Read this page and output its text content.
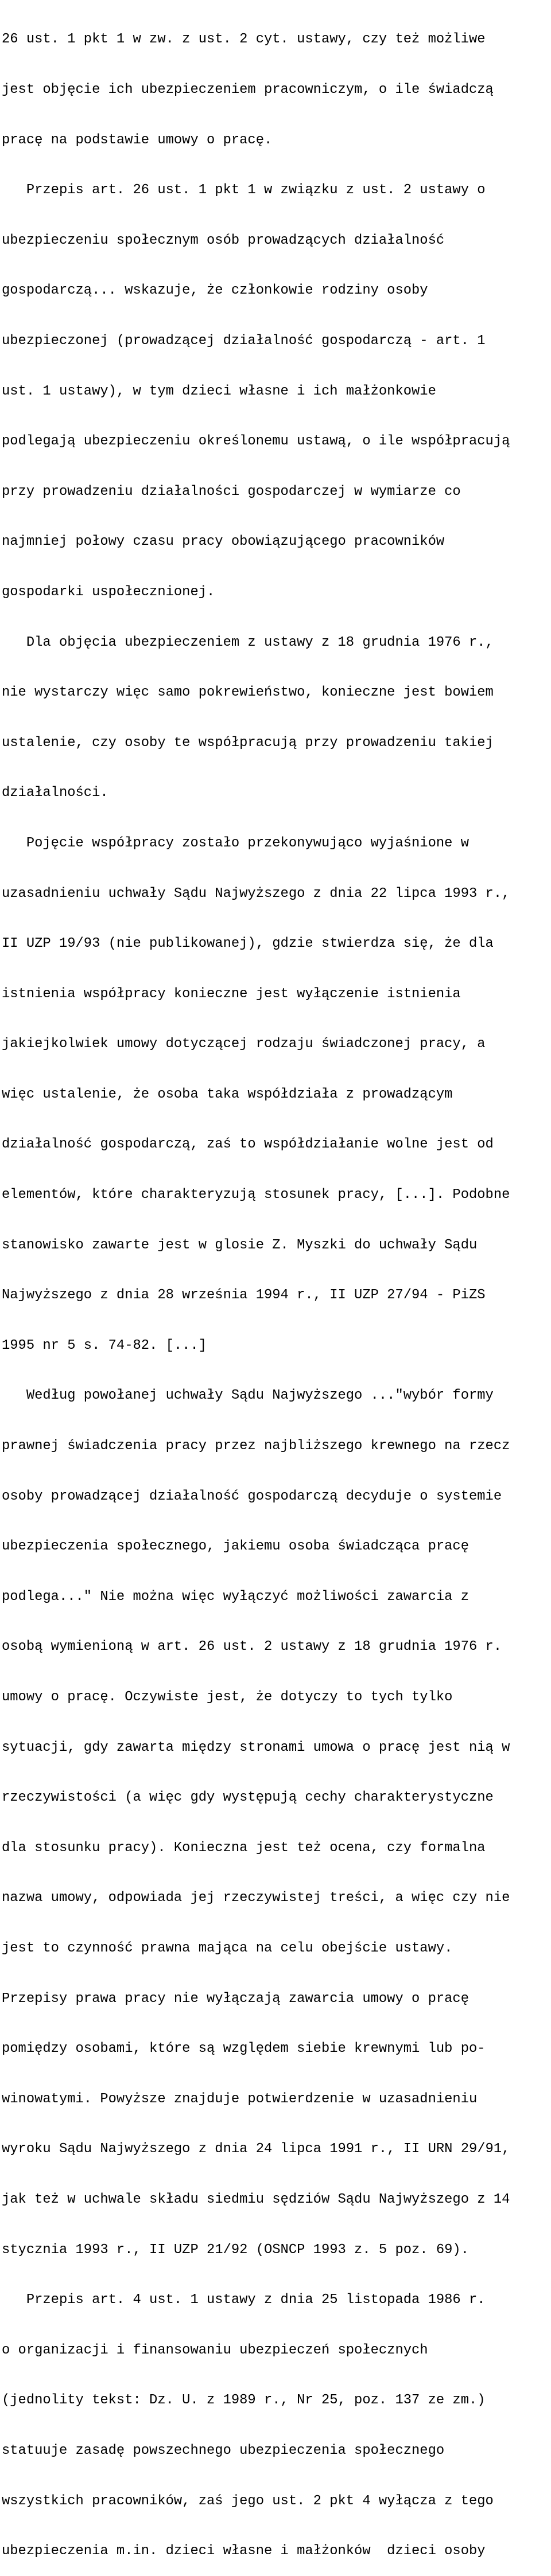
26 ust. 1 pkt 1 w zw. z ust. 2 cyt. ustawy, czy też możliwe

jest objęcie ich ubezpieczeniem pracowniczym, o ile świadczą

pracę na podstawie umowy o pracę.

Przepis art. 26 ust. 1 pkt 1 w związku z ust. 2 ustawy o

ubezpieczeniu społecznym osób prowadzących działalność

gospodarczą... wskazuje, że członkowie rodziny osoby

ubezpieczonej (prowadzącej działalność gospodarczą - art. 1

ust. 1 ustawy), w tym dzieci własne i ich małżonkowie

podlegają ubezpieczeniu określonemu ustawą, o ile współpracują

przy prowadzeniu działalności gospodarczej w wymiarze co

najmniej połowy czasu pracy obowiązującego pracowników

gospodarki uspołecznionej.

Dla objęcia ubezpieczeniem z ustawy z 18 grudnia 1976 r.,

nie wystarczy więc samo pokrewieństwo, konieczne jest bowiem

ustalenie, czy osoby te współpracują przy prowadzeniu takiej

działalności.

Pojęcie współpracy zostało przekonywująco wyjaśnione w

uzasadnieniu uchwały Sądu Najwyższego z dnia 22 lipca 1993 r.,

II UZP 19/93 (nie publikowanej), gdzie stwierdza się, że dla

istnienia współpracy konieczne jest wyłączenie istnienia

jakiejkolwiek umowy dotyczącej rodzaju świadczonej pracy, a

więc ustalenie, że osoba taka współdziała z prowadzącym

działalność gospodarczą, zaś to współdziałanie wolne jest od

elementów, które charakteryzują stosunek pracy, [...]. Podobne

stanowisko zawarte jest w glosie Z. Myszki do uchwały Sądu

Najwyższego z dnia 28 września 1994 r., II UZP 27/94 - PiZS

1995 nr 5 s. 74-82. [...]

Według powołanej uchwały Sądu Najwyższego ..."wybór formy

prawnej świadczenia pracy przez najbliższego krewnego na rzecz

osoby prowadzącej działalność gospodarczą decyduje o systemie

ubezpieczenia społecznego, jakiemu osoba świadcząca pracę

podlega..." Nie można więc wyłączyć możliwości zawarcia z

osobą wymienioną w art. 26 ust. 2 ustawy z 18 grudnia 1976 r.

umowy o pracę. Oczywiste jest, że dotyczy to tych tylko

sytuacji, gdy zawarta między stronami umowa o pracę jest nią w

rzeczywistości (a więc gdy występują cechy charakterystyczne

dla stosunku pracy). Konieczna jest też ocena, czy formalna

nazwa umowy, odpowiada jej rzeczywistej treści, a więc czy nie

jest to czynność prawna mająca na celu obejście ustawy.

Przepisy prawa pracy nie wyłączają zawarcia umowy o pracę

pomiędzy osobami, które są względem siebie krewnymi lub po-

winowatymi. Powyższe znajduje potwierdzenie w uzasadnieniu

wyroku Sądu Najwyższego z dnia 24 lipca 1991 r., II URN 29/91,

jak też w uchwale składu siedmiu sędziów Sądu Najwyższego z 14

stycznia 1993 r., II UZP 21/92 (OSNCP 1993 z. 5 poz. 69).

Przepis art. 4 ust. 1 ustawy z dnia 25 listopada 1986 r.

o organizacji i finansowaniu ubezpieczeń społecznych

(jednolity tekst: Dz. U. z 1989 r., Nr 25, poz. 137 ze zm.)

statuuje zasadę powszechnego ubezpieczenia społecznego

wszystkich pracowników, zaś jego ust. 2 pkt 4 wyłącza z tego

ubezpieczenia m.in. dzieci własne i małżonków  dzieci osoby
